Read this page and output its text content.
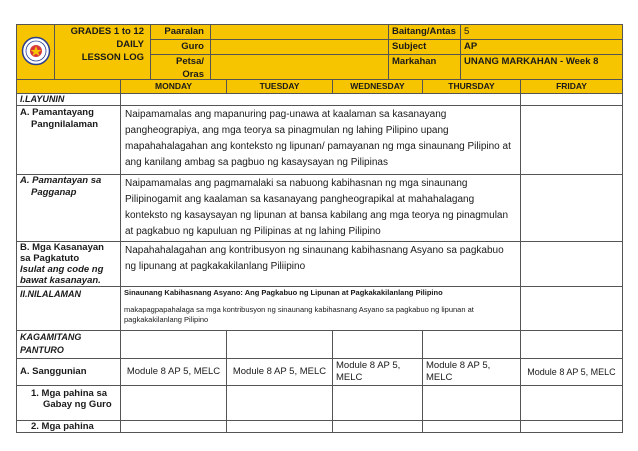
GRADES 1 to 12
DAILY
LESSON LOG	Paaralan		Baitang/Antas	5
		Guro		Subject	AP
		Petsa/ Oras		Markahan	UNANG MARKAHAN - Week 8
	MONDAY	TUESDAY	WEDNESDAY	THURSDAY	FRIDAY
I.LAYUNIN					
A. Pamantayang Pangnilalaman	Naipamamalas ang mapanuring pag-unawa at kaalaman sa kasanayang pangheograpiya, ang mga teorya sa pinagmulan ng lahing Pilipino upang mapahahalagahan ang konteksto ng lipunan/ pamayanan ng mga sinaunang Pilipino at ang kanilang ambag sa pagbuo ng kasaysayan ng Pilipinas				
A. Pamantayan sa Pagganap	Naipamamalas ang pagmamalaki sa nabuong kabihasnan ng mga sinaunang Pilipinogamit ang kaalaman sa kasanayang pangheograpikal at mahahalagang konteksto ng kasaysayan ng lipunan at bansa kabilang ang mga teorya ng pinagmulan at pagkabuo ng kapuluan ng Pilipinas at ng lahing Pilipino				

B. Mga Kasanayan sa Pagkatuto
Isulat ang code ng bawat kasanayan.	Napahahalagahan ang kontribusyon ng sinaunang kabihasnang Asyano sa pagkabuo ng lipunang at pagkakakilanlang Piliipino				
II.NILALAMAN	Sinaunang Kabihasnang Asyano: Ang Pagkabuo ng Lipunan at Pagkakakilanlang Pilipino
makapagpapahalaga sa mga kontribusyon ng sinaunang kabihasnang Asyano sa pagkabuo ng lipunan at pagkakakilanlang Pilipino				

KAGAMITANG PANTURO					
A. Sanggunian	Module 8 AP 5, MELC	Module 8 AP 5, MELC	Module 8 AP 5, MELC	Module 8 AP 5, MELC	Module 8 AP 5, MELC
1. Mga pahina sa Gabay ng Guro					
2. Mga pahina					
